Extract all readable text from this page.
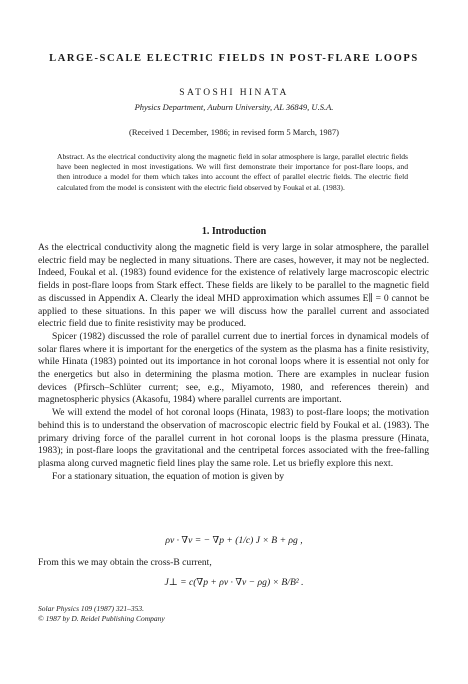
LARGE-SCALE ELECTRIC FIELDS IN POST-FLARE LOOPS
SATOSHI HINATA
Physics Department, Auburn University, AL 36849, U.S.A.
(Received 1 December, 1986; in revised form 5 March, 1987)
Abstract. As the electrical conductivity along the magnetic field in solar atmosphere is large, parallel electric fields have been neglected in most investigations. We will first demonstrate their importance for post-flare loops, and then introduce a model for them which takes into account the effect of parallel electric fields. The electric field calculated from the model is consistent with the electric field observed by Foukal et al. (1983).
1. Introduction

As the electrical conductivity along the magnetic field is very large in solar atmosphere, the parallel electric field may be neglected in many situations. There are cases, however, it may not be neglected. Indeed, Foukal et al. (1983) found evidence for the existence of relatively large macroscopic electric fields in post-flare loops from Stark effect. These fields are likely to be parallel to the magnetic field as discussed in Appendix A. Clearly the ideal MHD approximation which assumes E∥ = 0 cannot be applied to these situations. In this paper we will discuss how the parallel current and associated electric field due to finite resistivity may be produced.

Spicer (1982) discussed the role of parallel current due to inertial forces in dynamical models of solar flares where it is important for the energetics of the system as the plasma has a finite resistivity, while Hinata (1983) pointed out its importance in hot coronal loops where it is essential not only for the energetics but also in determining the plasma motion. There are examples in nuclear fusion devices (Pfirsch–Schlüter current; see, e.g., Miyamoto, 1980, and references therein) and magnetospheric physics (Akasofu, 1984) where parallel currents are important.

We will extend the model of hot coronal loops (Hinata, 1983) to post-flare loops; the motivation behind this is to understand the observation of macroscopic electric field by Foukal et al. (1983). The primary driving force of the parallel current in hot coronal loops is the plasma pressure (Hinata, 1983); in post-flare loops the gravitational and the centripetal forces associated with the free-falling plasma along curved magnetic field lines play the same role. Let us briefly explore this next.

For a stationary situation, the equation of motion is given by

ρv · ∇v = − ∇p + (1/c) J × B + ρg ,
From this we may obtain the cross-B current,
J⊥ = c(∇p + ρv · ∇v − ρg) × B/B² .
Solar Physics 109 (1987) 321–353.
© 1987 by D. Reidel Publishing Company
